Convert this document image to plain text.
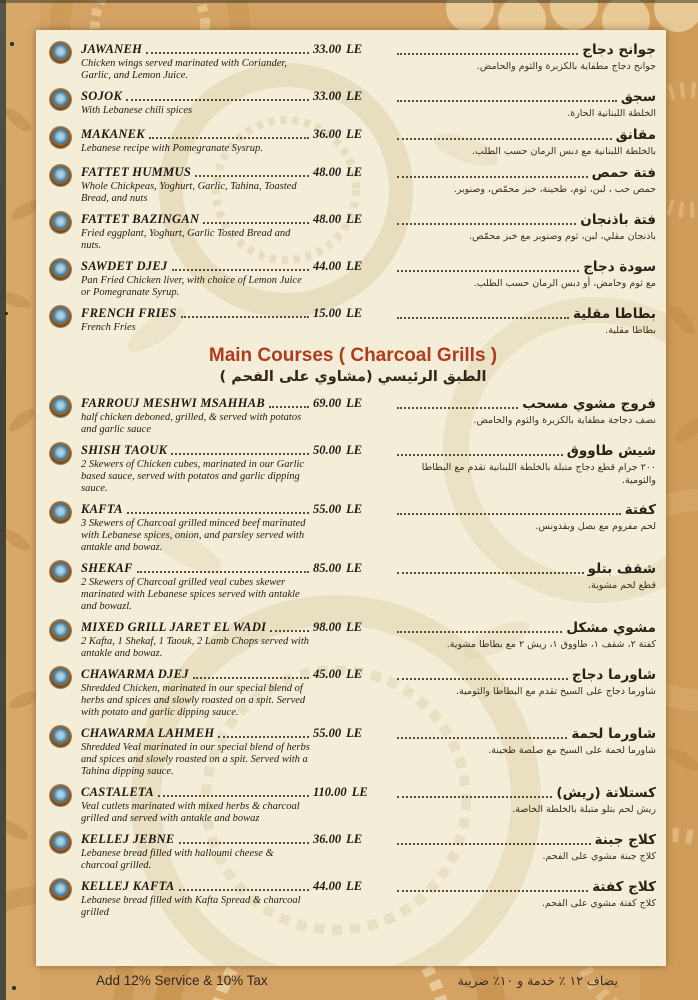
JAWANEH
Chicken wings served marinated with Coriander, Garlic, and Lemon Juice.
33.00 LE	جوانح دجاج
جوانح دجاج مطفاية بالكزبرة والثوم والحامض.
SOJOK
With Lebanese chili spices
33.00 LE	سجق
الخلطة اللبنانية الحارة.
MAKANEK
Lebanese recipe with Pomegranate Sysrup.
36.00 LE	مقانق
بالخلطة اللبنانية مع دبس الرمان حسب الطلب.
FATTET HUMMUS
Whole Chickpeas, Yoghurt, Garlic, Tahina, Toasted Bread, and nuts
48.00 LE	فتة حمص
حمص حب ، لبن، ثوم، طحينة، خبز محمّص، وصنوبر.
FATTET BAZINGAN
Fried eggplant, Yoghurt, Garlic Tosted Bread and nuts.
48.00 LE	فتة باذنجان
باذنجان مقلي، لبن، ثوم وصنوبر مع خبز محمّص.
SAWDET DJEJ
Pan Fried Chicken liver, with choice of Lemon Juice or Pomegranate Syrup.
44.00 LE	سودة دجاج
مع ثوم وحامض، أو دبس الرمان حسب الطلب.
FRENCH FRIES
French Fries
15.00 LE	بطاطا مقلية
بطاطا مقلية.
Main Courses ( Charcoal Grills )
الطبق الرئيسي (مشاوي على الفحم )
FARROUJ MESHWI MSAHHAB
half chicken deboned, grilled, & served with potatos and garlic sauce
69.00 LE	فروج مشوي مسحب
نصف دجاجة مطفاية بالكزبرة والثوم والحامض.
SHISH TAOUK
2 Skewers of Chicken cubes, marinated in our Garlic based sauce, served with potatos and garlic dipping sauce.
50.00 LE	شيش طاووق
٢٠٠ جرام قطع دجاج متبلة بالخلطة اللبنانية تقدم مع البطاطا والثومية.
KAFTA
3 Skewers of Charcoal grilled minced beef marinated with Lebanese spices, onion, and parsley served with antakle and bowaz.
55.00 LE	كفتة
لحم مفروم مع بصل وبقدونس.
SHEKAF
2 Skewers of Charcoal grilled veal cubes skewer marinated with Lebanese spices served with antakle and bowazl.
85.00 LE	شقف بتلو
قطع لحم مشوية.
MIXED GRILL JARET EL WADI
2 Kafta, 1 Shekaf, 1 Taouk, 2 Lamb Chops served with antakle and bowaz.
98.00 LE	مشوي مشكل
كفتة ٢، شقف ١، طاووق ١، ريش ٢ مع بطاطا مشوية.
CHAWARMA DJEJ
Shredded Chicken, marinated in our special blend of herbs and spices and slowly roasted on a spit. Served with potato and garlic dipping sauce.
45.00 LE	شاورما دجاج
شاورما دجاج على السيخ تقدم مع البطاطا والثومية.
CHAWARMA LAHMEH
Shredded Veal marinated in our special blend of herbs and spices and slowly roasted on a spit. Served with a Tahina dipping sauce.
55.00 LE	شاورما لحمة
شاورما لحمة على السيخ مع صلصة طحينة.
CASTALETA
Veal cutlets marinated with mixed herbs & charcoal grilled and served with antakle and bowaz
110.00 LE	كستلاتة (ريش)
ريش لحم بتلو متبلة بالخلطة الخاصة.
KELLEJ JEBNE
Lebanese bread filled with halloumi cheese & charcoal grilled.
36.00 LE	كلاج جبنة
كلاج جبنة مشوي على الفحم.
KELLEJ KAFTA
Lebanese bread filled with Kafta Spread & charcoal grilled
44.00 LE	كلاج كفتة
كلاج كفتة مشوي على الفحم.
Add 12% Service & 10% Tax	يضاف ١٢ ٪ خدمة و ١٠٪ ضريبة
